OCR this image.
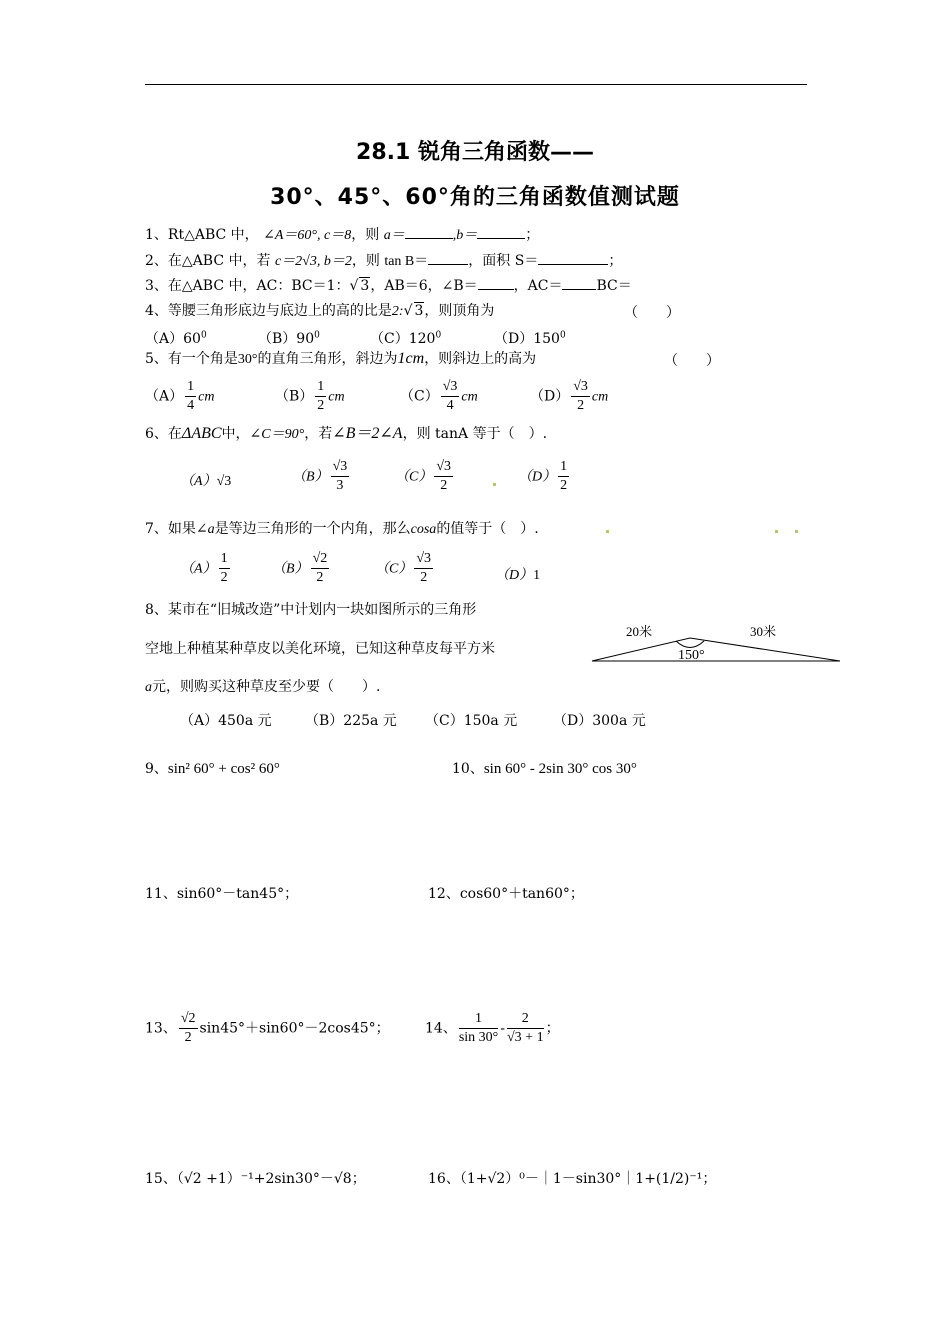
28.1 锐角三角函数——
30°、45°、60°角的三角函数值测试题
1、Rt△ABC 中， ∠A＝60°, c＝8，则 a＝	,b＝	；
2、在△ABC 中，若 c＝2√3, b＝2，则 tan B＝	，面积 S＝	；
3、在△ABC 中，AC：BC＝1：√ 3，AB＝6，∠B＝	，AC＝ BC＝
4、等腰三角形底边与底边上的高的比是2:√ 3，则顶角为	（　　）
$(A)60^0$	$(B)90^0$	$(C)120^0$	$(D)150^0$
5、有一个角是30°的直角三角形，斜边为1cm，则斜边上的高为	（　　）
$(A) \frac{1}{4}$ cm	$(B) \frac{1}{2}$ cm	$(C) \frac{√3}{4}$ cm	$(D) \frac{√3}{2}$ cm
6、在ΔABC中，∠C＝90°，若∠B＝2∠A，则 tanA 等于（　）.
（A）√3	$(B) \frac{√3}{3}$	$(C) \frac{√3}{2}$	$(D) \frac{1}{2}$
7、如果∠a是等边三角形的一个内角，那么cosa的值等于（　）.
$(A) \frac{1}{2}$	$(B) \frac{√2}{2}$	$(C) \frac{√3}{2}$	（D）1
8、某市在“旧城改造”中计划内一块如图所示的三角形
空地上种植某种草皮以美化环境，已知这种草皮每平方米
a元，则购买这种草皮至少要（　　）.
20米	30米
150°
（A）450a 元 （B）225a 元 （C）150a 元	（D）300a 元
9、sin² 60° + cos² 60°	10、sin 60° - 2sin 30° cos 30°
11、sin60°－tan45°；	12、cos60°＋tan60°；
13、 $\frac{√2}{2} \sin 45^\circ+\sin 60^\circ-2\cos 45^\circ$；	14、 $\frac{1}{\sin 30^\circ} - \frac{2}{√3 + 1}$ ；
15、（√2 +1）⁻¹+2sin30°－√8；	16、（1+√2）⁰－｜1－sin30°｜1+(1/2)⁻¹；
